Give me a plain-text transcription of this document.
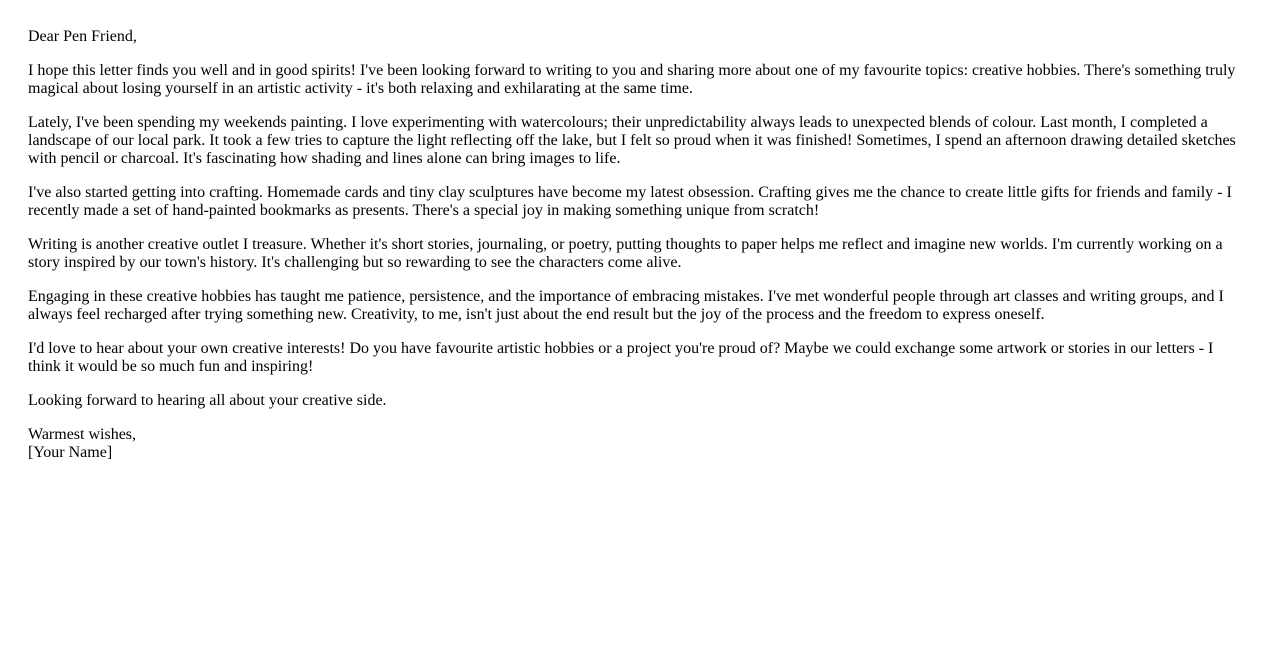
Dear Pen Friend,

I hope this letter finds you well and in good spirits! I've been looking forward to writing to you and sharing more about one of my favourite topics: creative hobbies. There's something truly magical about losing yourself in an artistic activity - it's both relaxing and exhilarating at the same time.

Lately, I've been spending my weekends painting. I love experimenting with watercolours; their unpredictability always leads to unexpected blends of colour. Last month, I completed a landscape of our local park. It took a few tries to capture the light reflecting off the lake, but I felt so proud when it was finished! Sometimes, I spend an afternoon drawing detailed sketches with pencil or charcoal. It's fascinating how shading and lines alone can bring images to life.

I've also started getting into crafting. Homemade cards and tiny clay sculptures have become my latest obsession. Crafting gives me the chance to create little gifts for friends and family - I recently made a set of hand-painted bookmarks as presents. There's a special joy in making something unique from scratch!

Writing is another creative outlet I treasure. Whether it's short stories, journaling, or poetry, putting thoughts to paper helps me reflect and imagine new worlds. I'm currently working on a story inspired by our town's history. It's challenging but so rewarding to see the characters come alive.

Engaging in these creative hobbies has taught me patience, persistence, and the importance of embracing mistakes. I've met wonderful people through art classes and writing groups, and I always feel recharged after trying something new. Creativity, to me, isn't just about the end result but the joy of the process and the freedom to express oneself.

I'd love to hear about your own creative interests! Do you have favourite artistic hobbies or a project you're proud of? Maybe we could exchange some artwork or stories in our letters - I think it would be so much fun and inspiring!

Looking forward to hearing all about your creative side.

Warmest wishes,
[Your Name]
